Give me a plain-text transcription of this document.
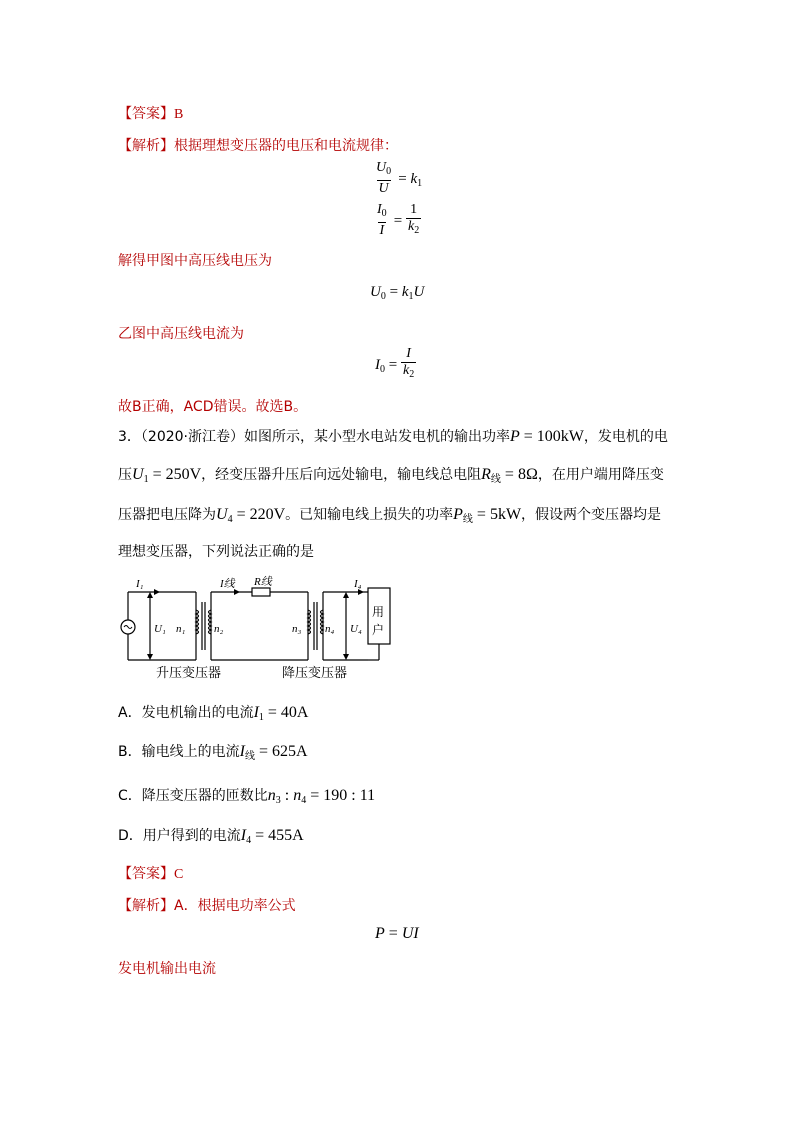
【答案】B
【解析】根据理想变压器的电压和电流规律：
$\frac{U_0}{U} = k_1$
$\frac{I_0}{I} = \frac{1}{k_2}$
解得甲图中高压线电压为
$U_0 = k_1U$
乙图中高压线电流为
$I_0 = \frac{I}{k_2}$
故B正确，ACD错误。故选B。
3．（2020·浙江卷）如图所示，某小型水电站发电机的输出功率P = 100kW，发电机的电
压$U_1 = 250V$，经变压器升压后向远处输电，输电线总电阻$R_线 = 8\Omega$，在用户端用降压变
压器把电压降为$U_4 = 220V$。已知输电线上损失的功率$P_线 = 5kW$，假设两个变压器均是
理想变压器，下列说法正确的是
I₁	I线 R线	I₄
U₁ n₁	n₂	n₃ n₄ U₄
用
户
升压变压器	降压变压器
A．发电机输出的电流$I_1 = 40A$
B．输电线上的电流$I_线 = 625A$
C．降压变压器的匝数比$n_3$ : $n_4 = 190$ : 11
D．用户得到的电流$I_4 = 455A$
【答案】C
【解析】A．根据电功率公式
P = UI
发电机输出电流
